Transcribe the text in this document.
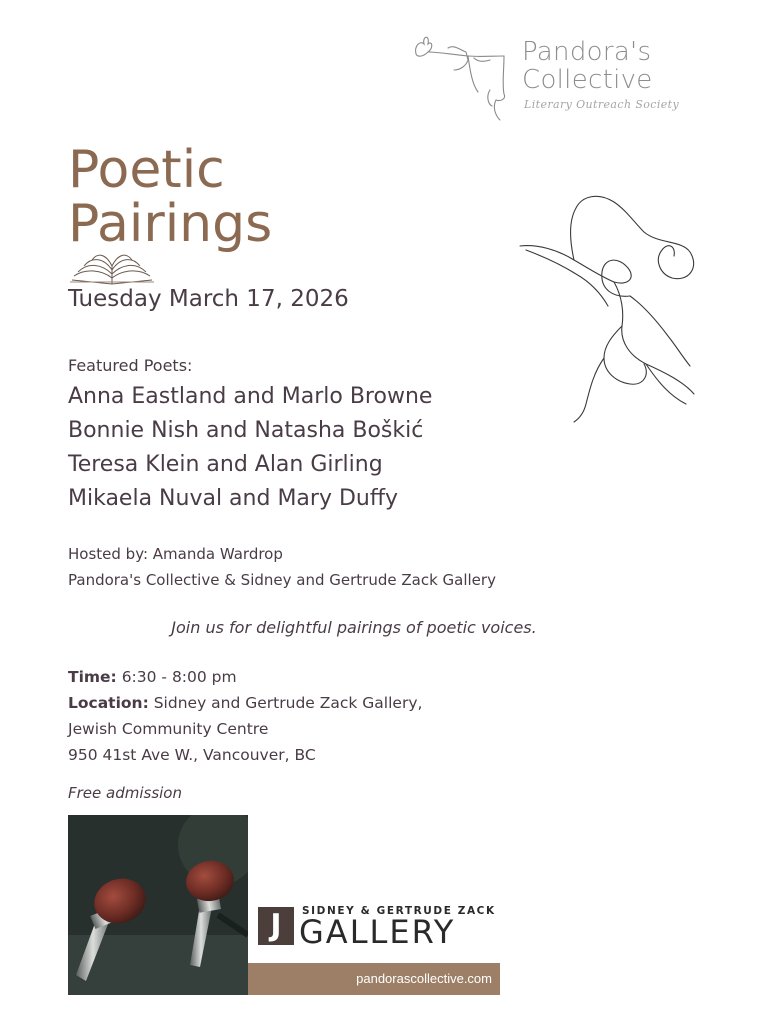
Pandora's
Collective
Literary Outreach Society
Poetic
Pairings
Tuesday March 17, 2026
Featured Poets:
Anna Eastland and Marlo Browne
Bonnie Nish and Natasha Boškić
Teresa Klein and Alan Girling
Mikaela Nuval and Mary Duffy
Hosted by: Amanda Wardrop
Pandora's Collective & Sidney and Gertrude Zack Gallery
Join us for delightful pairings of poetic voices.
Time: 6:30 - 8:00 pm
Location: Sidney and Gertrude Zack Gallery,
Jewish Community Centre
950 41st Ave W., Vancouver, BC
Free admission
J	SIDNEY & GERTRUDE ZACK
GALLERY
pandorascollective.com
